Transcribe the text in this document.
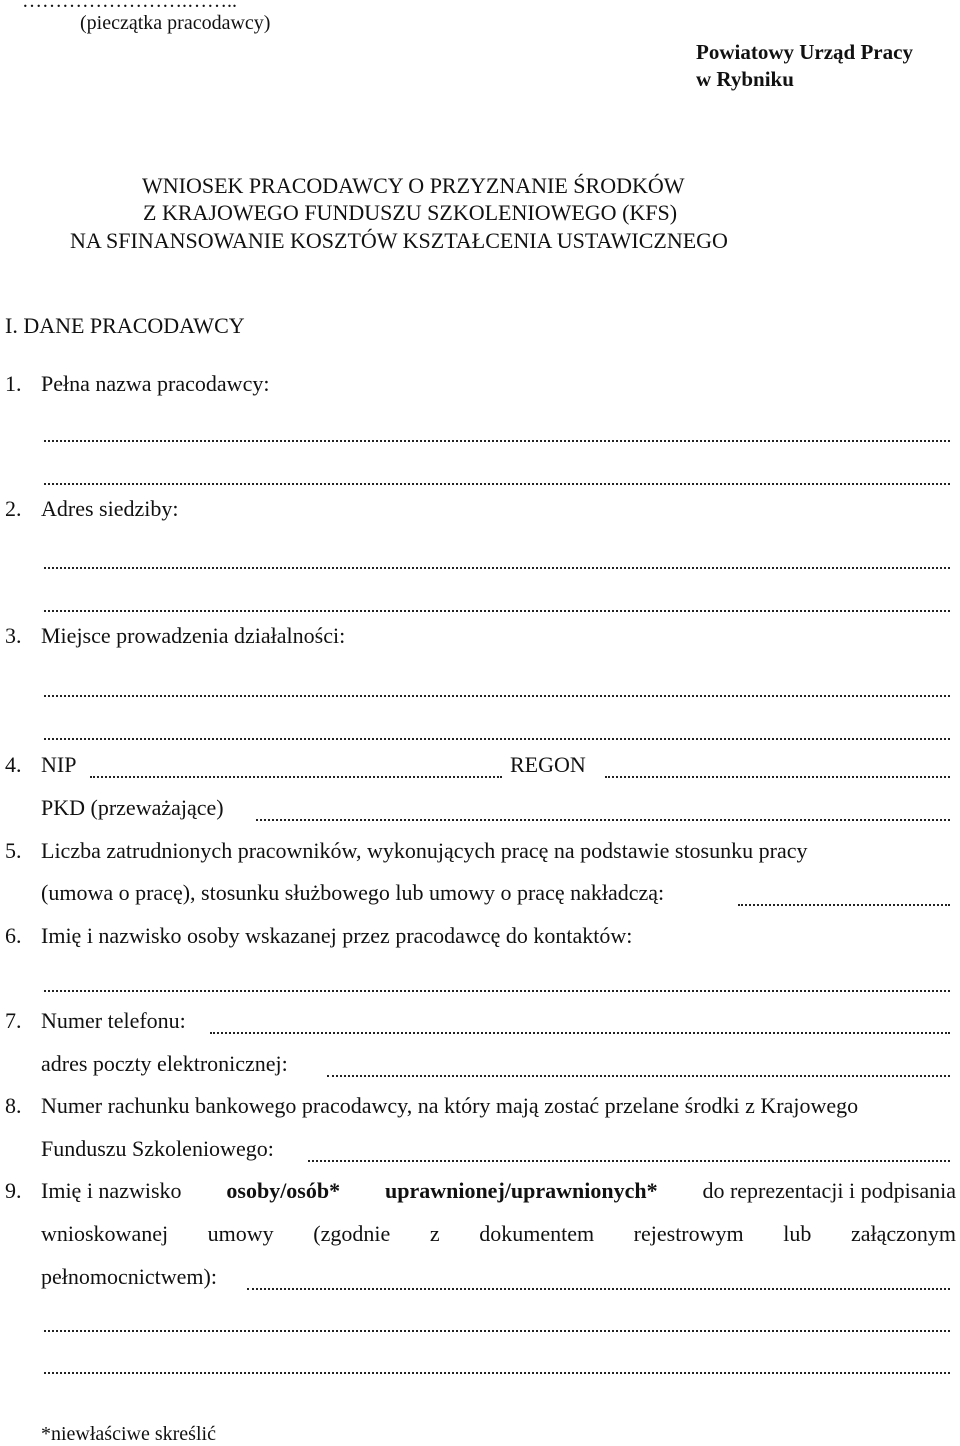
…………………….……..
(pieczątka pracodawcy)
Powiatowy Urząd Pracy
w Rybniku
WNIOSEK PRACODAWCY O PRZYZNANIE ŚRODKÓW
Z KRAJOWEGO FUNDUSZU SZKOLENIOWEGO (KFS)
NA SFINANSOWANIE KOSZTÓW KSZTAŁCENIA USTAWICZNEGO
I. DANE PRACODAWCY
1. Pełna nazwa pracodawcy:
2. Adres siedziby:
3. Miejsce prowadzenia działalności:
4. NIP	REGON
PKD (przeważające)
5. Liczba zatrudnionych pracowników, wykonujących pracę na podstawie stosunku pracy
(umowa o pracę), stosunku służbowego lub umowy o pracę nakładczą:
6. Imię i nazwisko osoby wskazanej przez pracodawcę do kontaktów:
7. Numer telefonu:
adres poczty elektronicznej:
8. Numer rachunku bankowego pracodawcy, na który mają zostać przelane środki z Krajowego
Funduszu Szkoleniowego:
9. Imię i nazwisko osoby/osób* uprawnionej/uprawnionych* do reprezentacji i podpisania
wnioskowanej umowy (zgodnie z dokumentem rejestrowym lub załączonym
pełnomocnictwem):
*niewłaściwe skreślić
